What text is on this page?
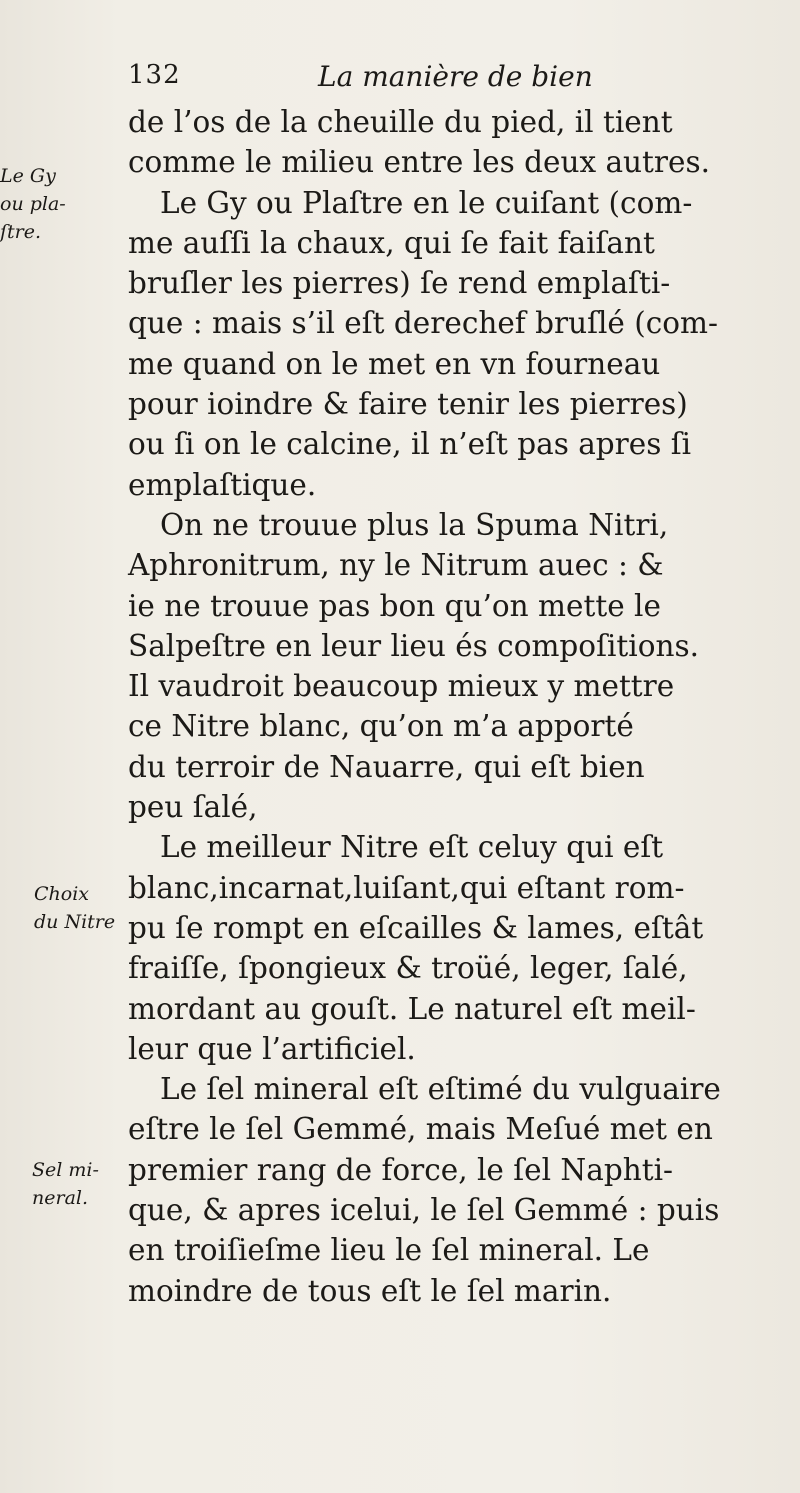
132	La manière de bien
Le Gy
ou pla-
ſtre.
Choix
du Nitre
Sel mi-
neral.
de l’os de la cheuille du pied, il tient
comme le milieu entre les deux autres.
Le Gy ou Plaſtre en le cuiſant (com-
me auſſi la chaux, qui ſe fait faiſant
bruſler les pierres) ſe rend emplaſti-
que : mais s’il eſt derechef bruſlé (com-
me quand on le met en vn fourneau
pour ioindre & faire tenir les pierres)
ou ſi on le calcine, il n’eſt pas apres ſi
emplaſtique.
On ne trouue plus la Spuma Nitri,
Aphronitrum, ny le Nitrum auec : &
ie ne trouue pas bon qu’on mette le
Salpeſtre en leur lieu és compoſitions.
Il vaudroit beaucoup mieux y mettre
ce Nitre blanc, qu’on m’a apporté
du terroir de Nauarre, qui eſt bien
peu ſalé,
Le meilleur Nitre eſt celuy qui eſt
blanc,incarnat,luiſant,qui eſtant rom-
pu ſe rompt en eſcailles & lames, eſtât
fraiſſe, ſpongieux & troüé, leger, ſalé,
mordant au gouſt. Le naturel eſt meil-
leur que l’artificiel.
Le ſel mineral eſt eſtimé du vulguaire
eſtre le ſel Gemmé, mais Meſué met en
premier rang de force, le ſel Naphti-
que, & apres icelui, le ſel Gemmé : puis
en troiſieſme lieu le ſel mineral. Le
moindre de tous eſt le ſel marin.
